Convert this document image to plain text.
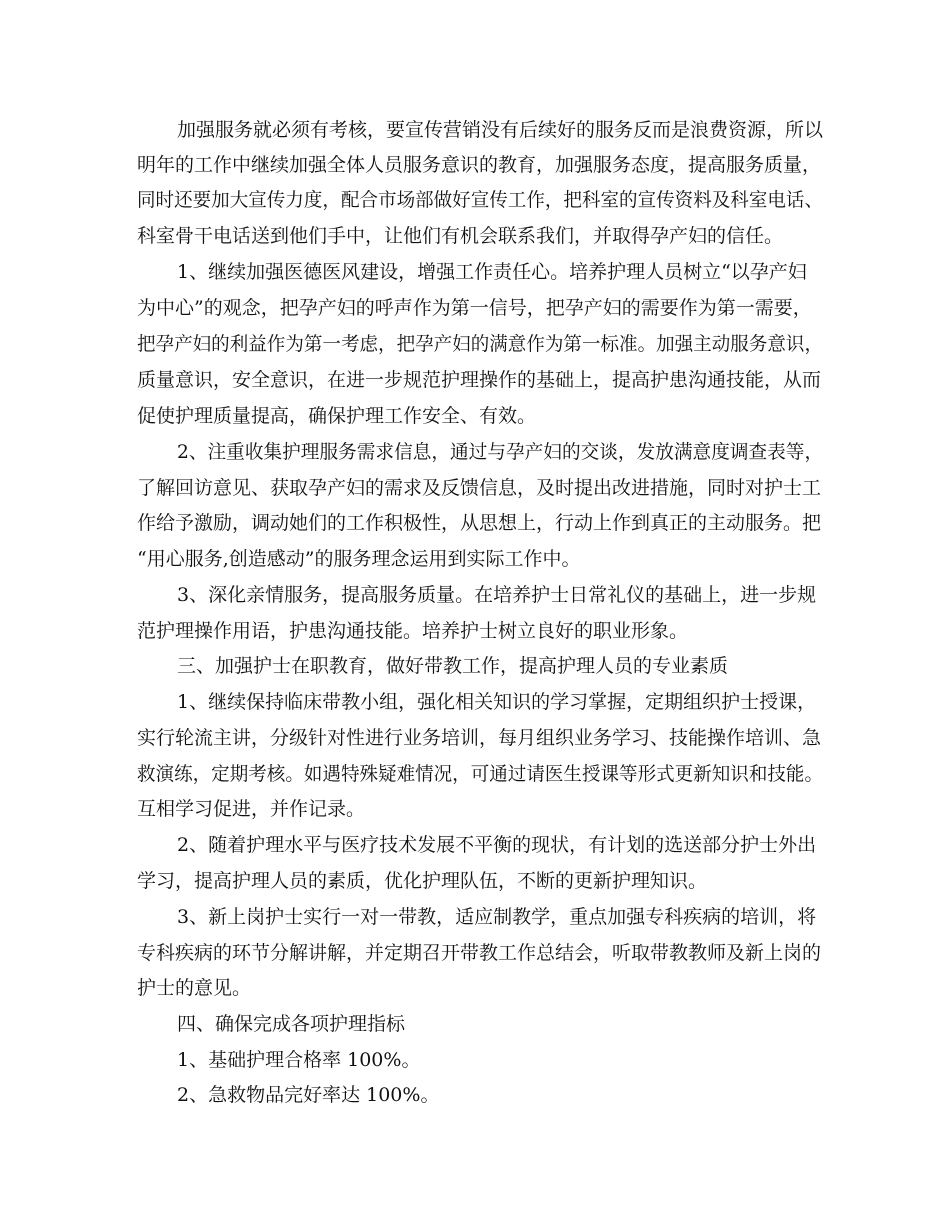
加强服务就必须有考核，要宣传营销没有后续好的服务反而是浪费资源，所以
明年的工作中继续加强全体人员服务意识的教育，加强服务态度，提高服务质量，
同时还要加大宣传力度，配合市场部做好宣传工作，把科室的宣传资料及科室电话、
科室骨干电话送到他们手中，让他们有机会联系我们，并取得孕产妇的信任。
1、继续加强医德医风建设，增强工作责任心。培养护理人员树立“以孕产妇
为中心”的观念，把孕产妇的呼声作为第一信号，把孕产妇的需要作为第一需要，
把孕产妇的利益作为第一考虑，把孕产妇的满意作为第一标准。加强主动服务意识，
质量意识，安全意识，在进一步规范护理操作的基础上，提高护患沟通技能，从而
促使护理质量提高，确保护理工作安全、有效。
2、注重收集护理服务需求信息，通过与孕产妇的交谈，发放满意度调查表等，
了解回访意见、获取孕产妇的需求及反馈信息，及时提出改进措施，同时对护士工
作给予激励，调动她们的工作积极性，从思想上，行动上作到真正的主动服务。把
“用心服务,创造感动”的服务理念运用到实际工作中。
3、深化亲情服务，提高服务质量。在培养护士日常礼仪的基础上，进一步规
范护理操作用语，护患沟通技能。培养护士树立良好的职业形象。
三、加强护士在职教育，做好带教工作，提高护理人员的专业素质
1、继续保持临床带教小组，强化相关知识的学习掌握，定期组织护士授课，
实行轮流主讲，分级针对性进行业务培训，每月组织业务学习、技能操作培训、急
救演练，定期考核。如遇特殊疑难情况，可通过请医生授课等形式更新知识和技能。
互相学习促进，并作记录。
2、随着护理水平与医疗技术发展不平衡的现状，有计划的选送部分护士外出
学习，提高护理人员的素质，优化护理队伍，不断的更新护理知识。
3、新上岗护士实行一对一带教，适应制教学，重点加强专科疾病的培训，将
专科疾病的环节分解讲解，并定期召开带教工作总结会，听取带教教师及新上岗的
护士的意见。
四、确保完成各项护理指标
1、基础护理合格率 100%。
2、急救物品完好率达 100%。
